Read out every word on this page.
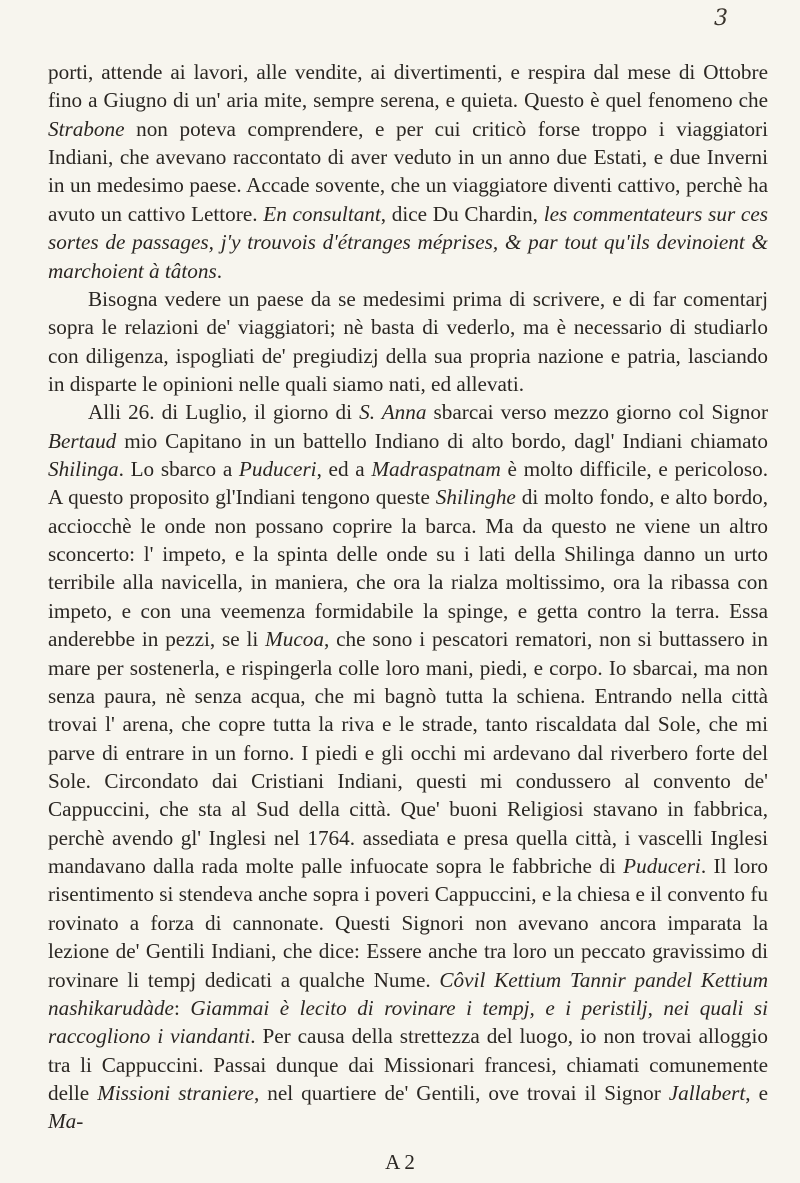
3

porti, attende ai lavori, alle vendite, ai divertimenti, e respira dal mese di Ottobre fino a Giugno di un' aria mite, sempre serena, e quieta. Questo è quel fenomeno che Strabone non poteva comprendere, e per cui criticò forse troppo i viaggiatori Indiani, che avevano raccontato di aver veduto in un anno due Estati, e due Inverni in un medesimo paese. Accade sovente, che un viaggiatore diventi cattivo, perchè ha avuto un cattivo Lettore. En consultant, dice Du Chardin, les commentateurs sur ces sortes de passages, j'y trouvois d'étranges méprises, & par tout qu'ils devinoient & marchoient à tâtons.

Bisogna vedere un paese da se medesimi prima di scrivere, e di far comentarj sopra le relazioni de' viaggiatori; nè basta di vederlo, ma è necessario di studiarlo con diligenza, ispogliati de' pregiudizj della sua propria nazione e patria, lasciando in disparte le opinioni nelle quali siamo nati, ed allevati.

Alli 26. di Luglio, il giorno di S. Anna sbarcai verso mezzo giorno col Signor Bertaud mio Capitano in un battello Indiano di alto bordo, dagl' Indiani chiamato Shilinga. Lo sbarco a Puduceri, ed a Madraspatnam è molto difficile, e pericoloso. A questo proposito gl'Indiani tengono queste Shilinghe di molto fondo, e alto bordo, acciocchè le onde non possano coprire la barca. Ma da questo ne viene un altro sconcerto: l' impeto, e la spinta delle onde su i lati della Shilinga danno un urto terribile alla navicella, in maniera, che ora la rialza moltissimo, ora la ribassa con impeto, e con una veemenza formidabile la spinge, e getta contro la terra. Essa anderebbe in pezzi, se li Mucoa, che sono i pescatori rematori, non si buttassero in mare per sostenerla, e rispingerla colle loro mani, piedi, e corpo. Io sbarcai, ma non senza paura, nè senza acqua, che mi bagnò tutta la schiena. Entrando nella città trovai l' arena, che copre tutta la riva e le strade, tanto riscaldata dal Sole, che mi parve di entrare in un forno. I piedi e gli occhi mi ardevano dal riverbero forte del Sole. Circondato dai Cristiani Indiani, questi mi condussero al convento de' Cappuccini, che sta al Sud della città. Que' buoni Religiosi stavano in fabbrica, perchè avendo gl' Inglesi nel 1764. assediata e presa quella città, i vascelli Inglesi mandavano dalla rada molte palle infuocate sopra le fabbriche di Puduceri. Il loro risentimento si stendeva anche sopra i poveri Cappuccini, e la chiesa e il convento fu rovinato a forza di cannonate. Questi Signori non avevano ancora imparata la lezione de' Gentili Indiani, che dice: Essere anche tra loro un peccato gravissimo di rovinare li tempj dedicati a qualche Nume. Côvil Kettium Tannir pandel Kettium nashikarudàde: Giammai è lecito di rovinare i tempj, e i peristilj, nei quali si raccogliono i viandanti. Per causa della strettezza del luogo, io non trovai alloggio tra li Cappuccini. Passai dunque dai Missionari francesi, chiamati comunemente delle Missioni straniere, nel quartiere de' Gentili, ove trovai il Signor Jallabert, e Ma-

A 2
